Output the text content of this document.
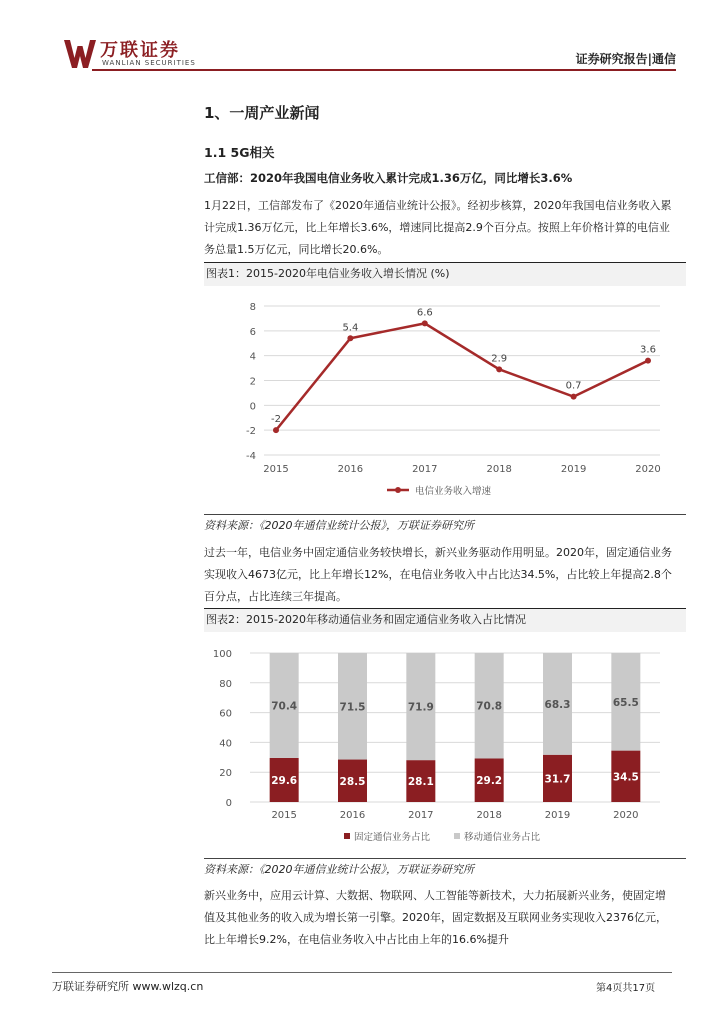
万联证券
WANLIAN SECURITIES	证券研究报告|通信
1、一周产业新闻
1.1 5G相关
工信部：2020年我国电信业务收入累计完成1.36万亿，同比增长3.6%

1月22日，工信部发布了《2020年通信业统计公报》。经初步核算，2020年我国电信业务收入累计完成1.36万亿元，比上年增长3.6%，增速同比提高2.9个百分点。按照上年价格计算的电信业务总量1.5万亿元，同比增长20.6%。

图表1：2015-2020年电信业务收入增长情况 (%)
8
6
4
2
0
-2
-4
2015	2016	2017	2018	2019	2020
-2
5.4
6.6
2.9
0.7
3.6
电信业务收入增速
资料来源：《2020年通信业统计公报》，万联证券研究所

过去一年，电信业务中固定通信业务较快增长，新兴业务驱动作用明显。2020年，固定通信业务实现收入4673亿元，比上年增长12%，在电信业务收入中占比达34.5%，占比较上年提高2.8个百分点，占比连续三年提高。

图表2：2015-2020年移动通信业务和固定通信业务收入占比情况
100
80
60
40
20
0
29.6
70.4
2015
28.5
71.5
2016
28.1
71.9
2017
29.2
70.8
2018
31.7
68.3
2019
34.5
65.5
2020
固定通信业务占比	移动通信业务占比
资料来源：《2020年通信业统计公报》，万联证券研究所

新兴业务中，应用云计算、大数据、物联网、人工智能等新技术，大力拓展新兴业务，使固定增值及其他业务的收入成为增长第一引擎。2020年，固定数据及互联网业务实现收入2376亿元，比上年增长9.2%，在电信业务收入中占比由上年的16.6%提升

万联证券研究所 www.wlzq.cn	第4页共17页
